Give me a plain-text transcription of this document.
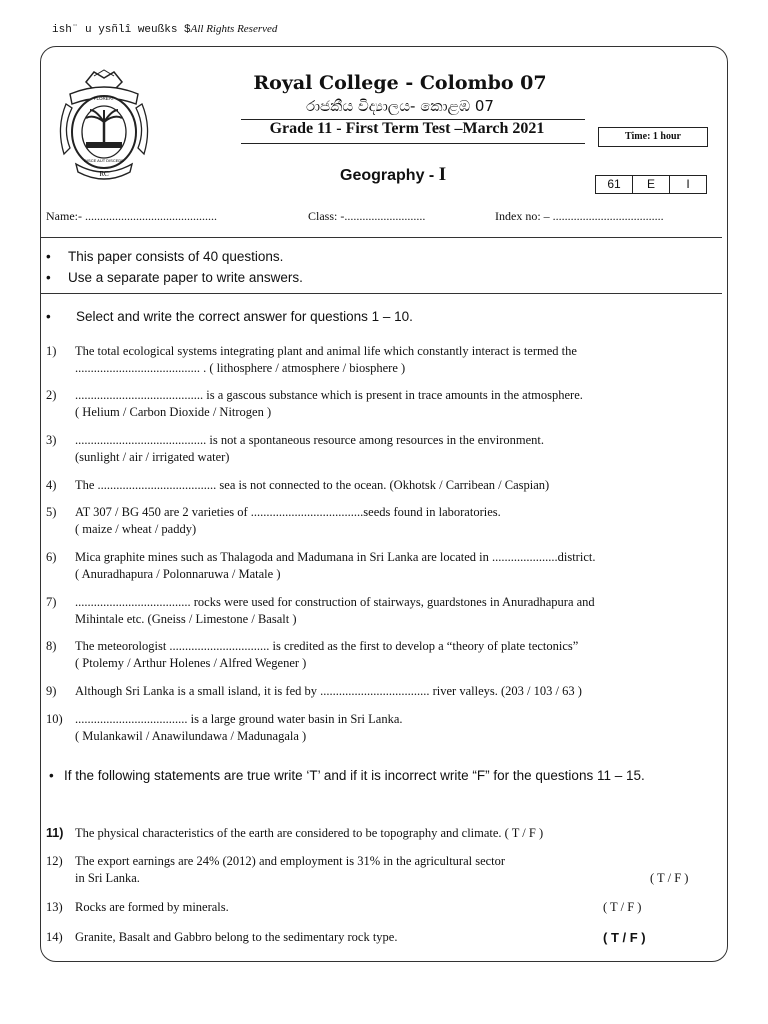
ish¨ u ysñlî weußks $All Rights Reserved
RC
FLOREAT
DISCE AUT DISCEDE
Royal College - Colombo 07
රාජකීය විද්‍යාලය- කොළඹ 07
Grade 11 - First Term Test –March 2021	Time: 1 hour
Geography - I	61	E	I
Name:- ............................................	Class: -...........................	Index no: – .....................................
• This paper consists of 40 questions.
• Use a separate paper to write answers.
• Select and write the correct answer for questions 1 – 10.
1) The total ecological systems integrating plant and animal life which constantly interact is termed the
........................................ . ( lithosphere / atmosphere / biosphere )
2) ......................................... is a gascous substance which is present in trace amounts in the atmosphere.
( Helium / Carbon Dioxide / Nitrogen )
3) .......................................... is not a spontaneous resource among resources in the environment.
(sunlight / air / irrigated water)
4) The ...................................... sea is not connected to the ocean. (Okhotsk / Carribean / Caspian)
5) AT 307 / BG 450 are 2 varieties of ....................................seeds found in laboratories.
( maize / wheat / paddy)
6) Mica graphite mines such as Thalagoda and Madumana in Sri Lanka are located in .....................district.
( Anuradhapura / Polonnaruwa / Matale )
7) ..................................... rocks were used for construction of stairways, guardstones in Anuradhapura and
Mihintale etc. (Gneiss / Limestone / Basalt )
8) The meteorologist ................................ is credited as the first to develop a “theory of plate tectonics”
( Ptolemy / Arthur Holenes / Alfred Wegener )
9) Although Sri Lanka is a small island, it is fed by ................................... river valleys. (203 / 103 / 63 )
10) .................................... is a large ground water basin in Sri Lanka.
( Mulankawil / Anawilundawa / Madunagala )
• If the following statements are true write ‘T’ and if it is incorrect write “F” for the questions 11 – 15.
11) The physical characteristics of the earth are considered to be topography and climate. ( T / F )
12) The export earnings are 24% (2012) and employment is 31% in the agricultural sector
in Sri Lanka.	( T / F )
13) Rocks are formed by minerals.	( T / F )
14) Granite, Basalt and Gabbro belong to the sedimentary rock type.	( T / F )
